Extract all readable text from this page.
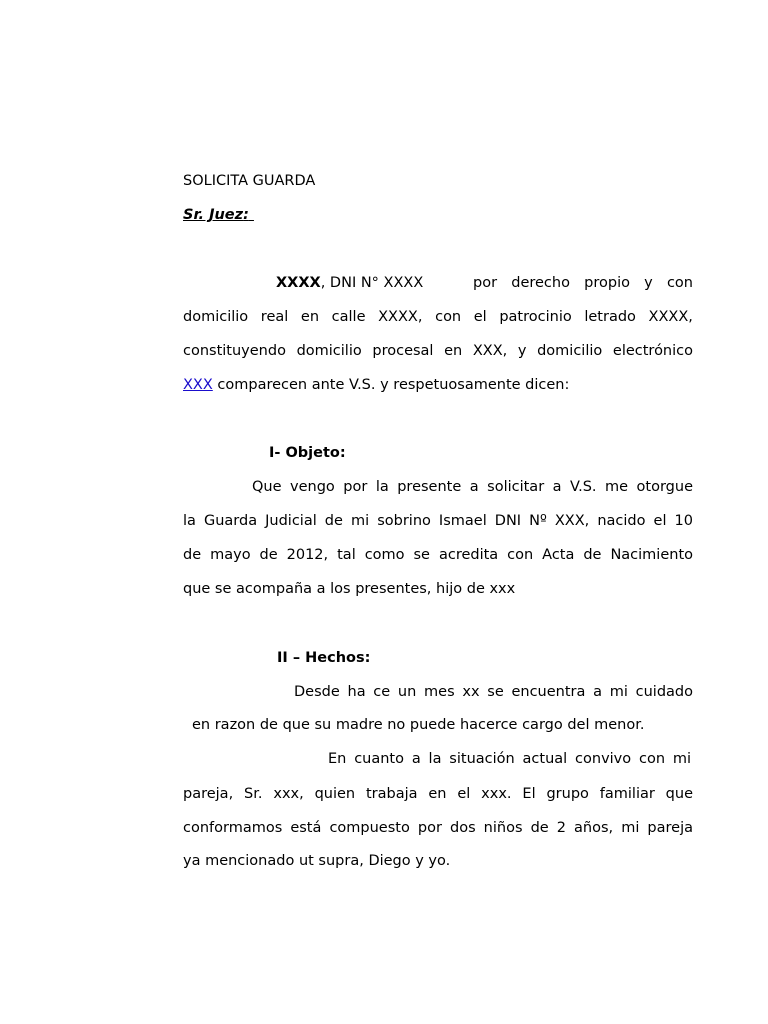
SOLICITA GUARDA
Sr. Juez:
XXXX, DNI N° XXXX	por derecho propio y con
domicilio real en calle XXXX, con el patrocinio letrado XXXX,
constituyendo domicilio procesal en XXX, y domicilio electrónico
XXX comparecen ante V.S. y respetuosamente dicen:
I- Objeto:
Que vengo por la presente a solicitar a V.S. me otorgue
la Guarda Judicial de mi sobrino Ismael DNI Nº XXX, nacido el 10
de mayo de 2012, tal como se acredita con Acta de Nacimiento
que se acompaña a los presentes, hijo de xxx
II – Hechos:
Desde ha ce un mes xx se encuentra a mi cuidado
en razon de que su madre no puede hacerce cargo del menor.
En cuanto a la situación actual convivo con mi
pareja, Sr. xxx, quien trabaja en el xxx. El grupo familiar que
conformamos está compuesto por dos niños de 2 años, mi pareja
ya mencionado ut supra, Diego y yo.
